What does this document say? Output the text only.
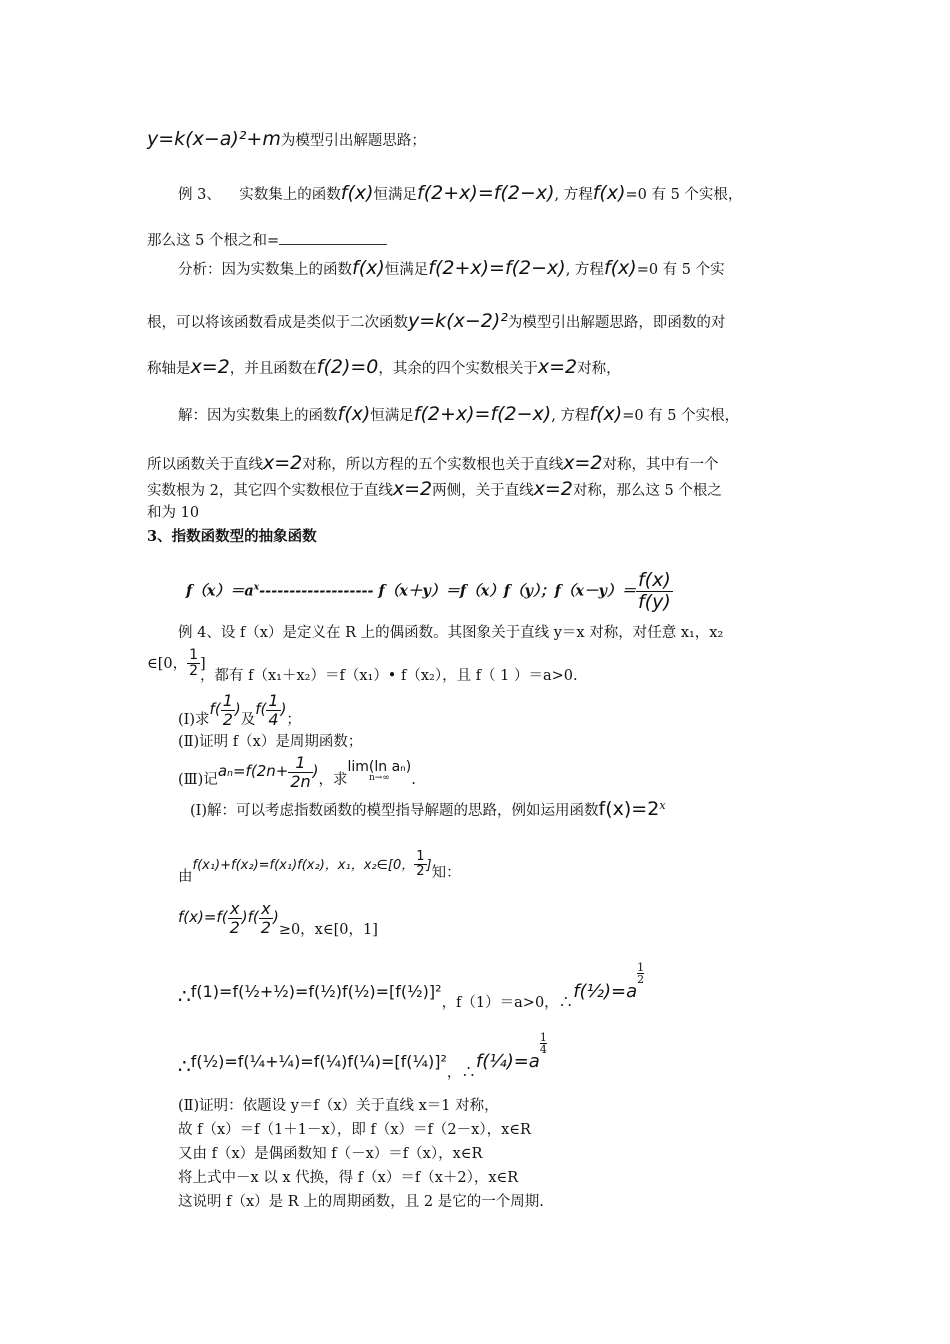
y=k(x−a)²+m为模型引出解题思路；
例 3、 实数集上的函数f(x)恒满足f(2+x)=f(2−x), 方程f(x)=0 有 5 个实根，
那么这 5 个根之和=
分析：因为实数集上的函数f(x)恒满足f(2+x)=f(2−x), 方程f(x)=0 有 5 个实
根，可以将该函数看成是类似于二次函数y=k(x−2)²为模型引出解题思路，即函数的对
称轴是x=2，并且函数在f(2)=0，其余的四个实数根关于x=2对称，
解：因为实数集上的函数f(x)恒满足f(2+x)=f(2−x), 方程f(x)=0 有 5 个实根，
所以函数关于直线x=2对称，所以方程的五个实数根也关于直线x=2对称，其中有一个
实数根为 2，其它四个实数根位于直线x=2两侧，关于直线x=2对称，那么这 5 个根之
和为 10
3、指数函数型的抽象函数
$f(x)=a^x-------------------$ f（x＋y）＝f（x）f（y）；$f(x-y)= \frac{f(x)}{f(y)}$
例 4、设 f（x）是定义在 R 上的偶函数。其图象关于直线 y＝x 对称，对任意 x₁，x₂
∈[0， $\frac{1}{2}$ ]
，都有 f（x₁＋x₂）＝f（x₁）• f（x₂），且 f（ 1 ）＝a>0.
(Ⅰ)求$f( \frac{1}{2}$ )及$f( \frac{1}{4}$ )；
(Ⅱ)证明 f（x）是周期函数；
(Ⅲ)记$a_n=f(2n+ \frac{1}{2n}$ )，求
lim(ln aₙ)
n→∞	.
(Ⅰ)解：可以考虑指数函数的模型指导解题的思路，例如运用函数$f(x)=2^x$
由f(x₁)+f(x₂)=f(x₁)f(x₂)，x₁，x₂∈[0， $\frac{1}{2}$ ]知：
$f(x)=f( \frac{x}{2} )f( \frac{x}{2} )\ge 0$，x∈[0，1]
∴f(1)=f(½+½)=f(½)f(½)=[f(½)]²，f（1）＝a>0，∴f(½)=a
$^{\frac{1}{2}}$
∴f(½)=f(¼+¼)=f(¼)f(¼)=[f(¼)]²，∴f(¼)=a
$^{\frac{1}{4}}$
(Ⅱ)证明：依题设 y＝f（x）关于直线 x＝1 对称，
故 f（x）＝f（1＋1－x），即 f（x）＝f（2－x），x∈R
又由 f（x）是偶函数知 f（－x）＝f（x），x∈R
将上式中－x 以 x 代换，得 f（x）＝f（x＋2），x∈R
这说明 f（x）是 R 上的周期函数，且 2 是它的一个周期.
